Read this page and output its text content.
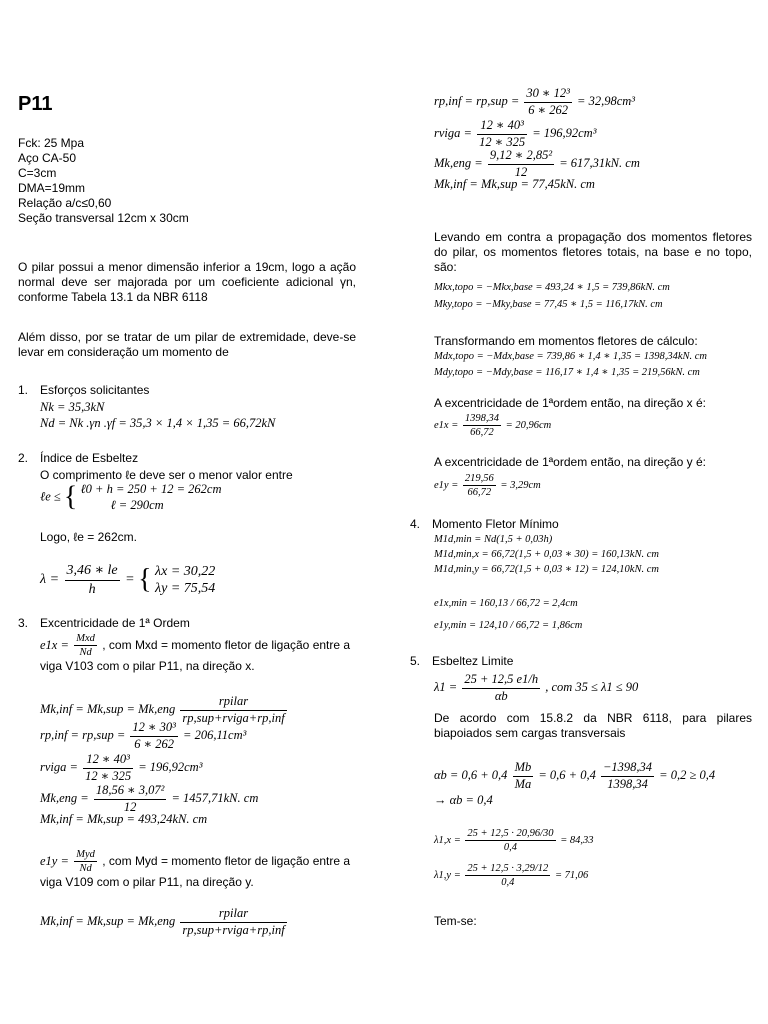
P11
Fck: 25 Mpa
Aço CA-50
C=3cm
DMA=19mm
Relação a/c≤0,60
Seção transversal 12cm x 30cm
O pilar possui a menor dimensão inferior a 19cm, logo a ação normal deve ser majorada por um coeficiente adicional γn, conforme Tabela 13.1 da NBR 6118
Além disso, por se tratar de um pilar de extremidade, deve-se levar em consideração um momento de
1. Esforços solicitantes
Nk = 35,3kN
Nd = Nk .γn .γf = 35,3 × 1,4 × 1,35 = 66,72kN
2. Índice de Esbeltez
O comprimento ℓe deve ser o menor valor entre
ℓe ≤ { ℓ0 + h = 250 + 12 = 262cm
ℓ = 290cm
Logo, ℓe = 262cm.
$\lambda = \frac{3,46 ∗ le}{h}$ = { λx = 30,22
λy = 75,54
3. Excentricidade de 1ª Ordem
$e1x = \frac{\text{Mxd}}{Nd}$ , com Mxd = momento fletor de ligação entre a viga V103 com o pilar P11, na direção x.
$Mk,inf = Mk,sup = Mk,eng \frac{\text{rpilar}}{\text{rp,sup+rviga+rp,inf}}$
$rp,inf = rp,sup = \frac{\text{12 ∗ 30³}}{6 ∗ 262} = 206,11cm^3$
rviga = $\frac{\text{12 ∗ 40³}}{12 ∗ 325} = 196,92cm^3$
$Mk,eng = \frac{\text{18,56 ∗ 3,07²}}{12} = 1457,71kN$. cm
Mk,inf = Mk,sup = 493,24kN. cm
$e1y = \frac{\text{Myd}}{Nd}$ , com Myd = momento fletor de ligação entre a viga V109 com o pilar P11, na direção y.
$Mk,inf = Mk,sup = Mk,eng \frac{\text{rpilar}}{\text{rp,sup+rviga+rp,inf}}$
$rp,inf = rp,sup = \frac{\text{30 ∗ 12³}}{6 ∗ 262} = 32,98cm^3$
rviga = $\frac{\text{12 ∗ 40³}}{12 ∗ 325} = 196,92cm^3$
$Mk,eng = \frac{\text{9,12 ∗ 2,85²}}{12} = 617,31kN$. cm
Mk,inf = Mk,sup = 77,45kN. cm
Levando em contra a propagação dos momentos fletores do pilar, os momentos fletores totais, na base e no topo, são:
Mkx,topo = −Mkx,base = 493,24 ∗ 1,5 = 739,86kN. cm
Mky,topo = −Mky,base = 77,45 ∗ 1,5 = 116,17kN. cm
Transformando em momentos fletores de cálculo:
Mdx,topo = −Mdx,base = 739,86 ∗ 1,4 ∗ 1,35 = 1398,34kN. cm
Mdy,topo = −Mdy,base = 116,17 ∗ 1,4 ∗ 1,35 = 219,56kN. cm
A excentricidade de 1ªordem então, na direção x é:
$e1x = \frac{1398,34}{66,72} = 20,96cm$
A excentricidade de 1ªordem então, na direção y é:
$e1y = \frac{219,56}{66,72} = 3,29cm$
4. Momento Fletor Mínimo
M1d,min = Nd(1,5 + 0,03h)
M1d,min,x = 66,72(1,5 + 0,03 ∗ 30) = 160,13kN. cm
M1d,min,y = 66,72(1,5 + 0,03 ∗ 12) = 124,10kN. cm
e1x,min = 160,13 / 66,72 = 2,4cm
e1y,min = 124,10 / 66,72 = 1,86cm
5. Esbeltez Limite
$\lambda 1 = \frac{25 + 12,5 e1/h}{\alpha b}$ , com 35 ≤ λ1 ≤ 90
De acordo com 15.8.2 da NBR 6118, para pilares biapoiados sem cargas transversais
$\alpha b = 0,6 + 0,4 \frac{Mb}{Ma} = 0,6 + 0,4 \frac{-1398,34}{1398,34} = 0,2 \ge 0,4$
→ αb = 0,4
$\lambda 1,x = \frac{25 + 12,5 \cdot 20,96/30}{0,4} = 84,33$
$\lambda 1,y = \frac{25 + 12,5 \cdot 3,29/12}{0,4} = 71,06$
Tem-se:
